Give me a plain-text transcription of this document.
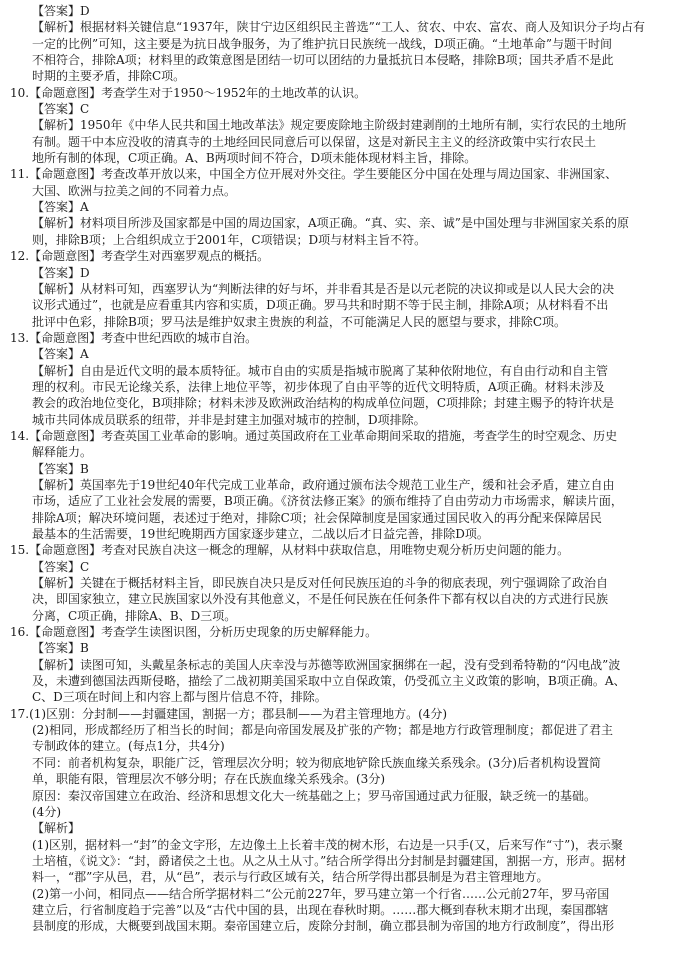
【答案】D
【解析】根据材料关键信息“1937年，陕甘宁边区组织民主普选”“工人、贫农、中农、富农、商人及知识分子均占有
一定的比例”可知，这主要是为抗日战争服务，为了维护抗日民族统一战线，D项正确。“土地革命”与题干时间
不相符合，排除A项；材料里的政策意图是团结一切可以团结的力量抵抗日本侵略，排除B项；国共矛盾不是此
时期的主要矛盾，排除C项。
10.【命题意图】考查学生对于1950～1952年的土地改革的认识。
【答案】C
【解析】1950年《中华人民共和国土地改革法》规定要废除地主阶级封建剥削的土地所有制，实行农民的土地所
有制。题干中本应没收的清真寺的土地经回民同意后可以保留，这是对新民主主义的经济政策中实行农民土
地所有制的体现，C项正确。A、B两项时间不符合，D项未能体现材料主旨，排除。
11.【命题意图】考查改革开放以来，中国全方位开展对外交往。学生要能区分中国在处理与周边国家、非洲国家、
大国、欧洲与拉美之间的不同着力点。
【答案】A
【解析】材料项目所涉及国家都是中国的周边国家，A项正确。“真、实、亲、诚”是中国处理与非洲国家关系的原
则，排除B项；上合组织成立于2001年，C项错误；D项与材料主旨不符。
12.【命题意图】考查学生对西塞罗观点的概括。
【答案】D
【解析】从材料可知，西塞罗认为“判断法律的好与坏，并非看其是否是以元老院的决议抑或是以人民大会的决
议形式通过”，也就是应看重其内容和实质，D项正确。罗马共和时期不等于民主制，排除A项；从材料看不出
批评中色彩，排除B项；罗马法是维护奴隶主贵族的利益，不可能满足人民的愿望与要求，排除C项。
13.【命题意图】考查中世纪西欧的城市自治。
【答案】A
【解析】自由是近代文明的最本质特征。城市自由的实质是指城市脱离了某种依附地位，有自由行动和自主管
理的权利。市民无论缘关系，法律上地位平等，初步体现了自由平等的近代文明特质，A项正确。材料未涉及
教会的政治地位变化，B项排除；材料未涉及欧洲政治结构的构成单位问题，C项排除；封建主赐予的特许状是
城市共同体成员联系的纽带，并非是封建主加强对城市的控制，D项排除。
14.【命题意图】考查英国工业革命的影响。通过英国政府在工业革命期间采取的措施，考查学生的时空观念、历史
解释能力。
【答案】B
【解析】英国率先于19世纪40年代完成工业革命，政府通过颁布法令规范工业生产，缓和社会矛盾，建立自由
市场，适应了工业社会发展的需要，B项正确。《济贫法修正案》的颁布维持了自由劳动力市场需求，解读片面，
排除A项；解决环境问题，表述过于绝对，排除C项；社会保障制度是国家通过国民收入的再分配来保障居民
最基本的生活需要，19世纪晚期西方国家逐步建立，二战以后才日益完善，排除D项。
15.【命题意图】考查对民族自决这一概念的理解，从材料中获取信息，用唯物史观分析历史问题的能力。
【答案】C
【解析】关键在于概括材料主旨，即民族自决只是反对任何民族压迫的斗争的彻底表现，列宁强调除了政治自
决，即国家独立，建立民族国家以外没有其他意义，不是任何民族在任何条件下都有权以自决的方式进行民族
分离，C项正确，排除A、B、D三项。
16.【命题意图】考查学生读图识图，分析历史现象的历史解释能力。
【答案】B
【解析】读图可知，头戴星条标志的美国人庆幸没与苏德等欧洲国家捆绑在一起，没有受到希特勒的“闪电战”波
及，未遭到德国法西斯侵略，描绘了二战初期美国采取中立自保政策，仍受孤立主义政策的影响，B项正确。A、
C、D三项在时间上和内容上都与图片信息不符，排除。
17.(1)区别：分封制——封疆建国，割据一方；郡县制——为君主管理地方。(4分)
(2)相同，形成都经历了相当长的时间；都是向帝国发展及扩张的产物；都是地方行政管理制度；都促进了君主
专制政体的建立。(每点1分，共4分)
不同：前者机构复杂，职能广泛，管理层次分明；较为彻底地铲除氏族血缘关系残余。(3分)后者机构设置简
单，职能有限，管理层次不够分明；存在氏族血缘关系残余。(3分)
原因：秦汉帝国建立在政治、经济和思想文化大一统基础之上；罗马帝国通过武力征服，缺乏统一的基础。
(4分)
【解析】
(1)区别，据材料一“封”的金文字形，左边像土上长着丰茂的树木形，右边是一只手(又，后来写作“寸”)，表示聚
土培植，《说文》：“封，爵诸侯之土也。从之从土从寸。”结合所学得出分封制是封疆建国，割据一方，形声。据材
料一，“郡”字从邑，君，从“邑”，表示与行政区域有关，结合所学得出郡县制是为君主管理地方。
(2)第一小问，相同点——结合所学据材料二“公元前227年，罗马建立第一个行省……公元前27年，罗马帝国
建立后，行省制度趋于完善”以及“古代中国的县，出现在春秋时期。……郡大概到春秋末期才出现，秦国郡辖
县制度的形成，大概要到战国末期。秦帝国建立后，废除分封制，确立郡县制为帝国的地方行政制度”，得出形
